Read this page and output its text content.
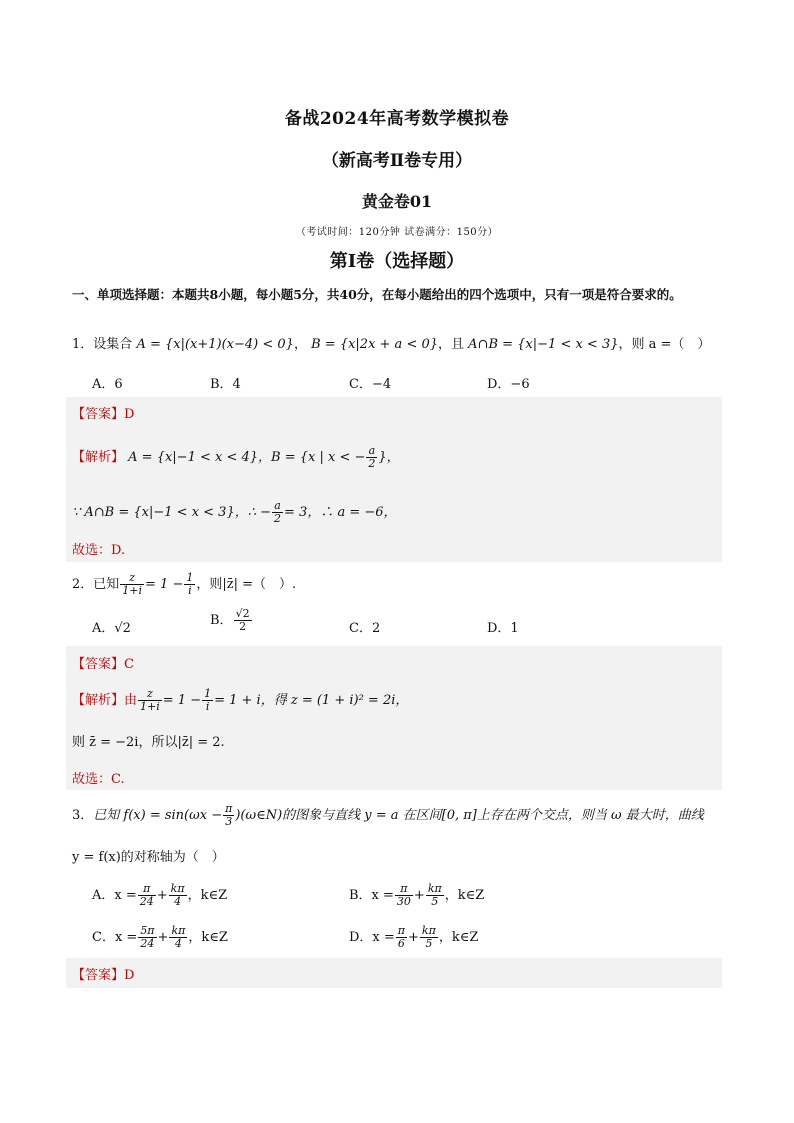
备战2024年高考数学模拟卷
（新高考Ⅱ卷专用）
黄金卷01
（考试时间：120分钟 试卷满分：150分）
第Ⅰ卷（选择题）
一、单项选择题：本题共8小题，每小题5分，共40分，在每小题给出的四个选项中，只有一项是符合要求的。
1．设集合 A = {x|(x+1)(x−4) < 0}， B = {x|2x + a < 0}，且 A∩B = {x|−1 < x < 3}，则 a =（　）
A．6	B．4	C．−4	D．−6
【答案】D
【解析】 A = {x|−1 < x < 4}，B = {x | x < − $\frac{a}{2}$ }，
∵ A∩B = {x|−1 < x < 3}，∴ − $\frac{a}{2} = 3$，∴ a = −6，
故选：D.
2．已知 $\frac{z}{1+i} = 1 - \frac{1}{i}$ ，则|z̄| =（　）.
A．√2
B． $\frac{√2}{2}$	C．2	D．1
【答案】C
【解析】由 $\frac{z}{1+i} = 1 - \frac{1}{i} = 1 + i$，得 z = (1 + i)² = 2i，
则 z̄ = −2i，所以|z̄| = 2.
故选：C.
3．已知 $f(x) = \sin(\omega x - \frac{\pi}{3}$ )(ω∈N)的图象与直线 y = a 在区间[0, π]上存在两个交点，则当 ω 最大时，曲线
y = f(x)的对称轴为（　）
A．$x = \frac{\pi}{24} + \frac{k\pi}{4}$ ，k∈Z	B．$x = \frac{\pi}{30} + \frac{k\pi}{5}$ ，k∈Z
C．$x = \frac{5\pi}{24} + \frac{k\pi}{4}$ ，k∈Z	D．$x = \frac{\pi}{6} + \frac{k\pi}{5}$ ，k∈Z
【答案】D
